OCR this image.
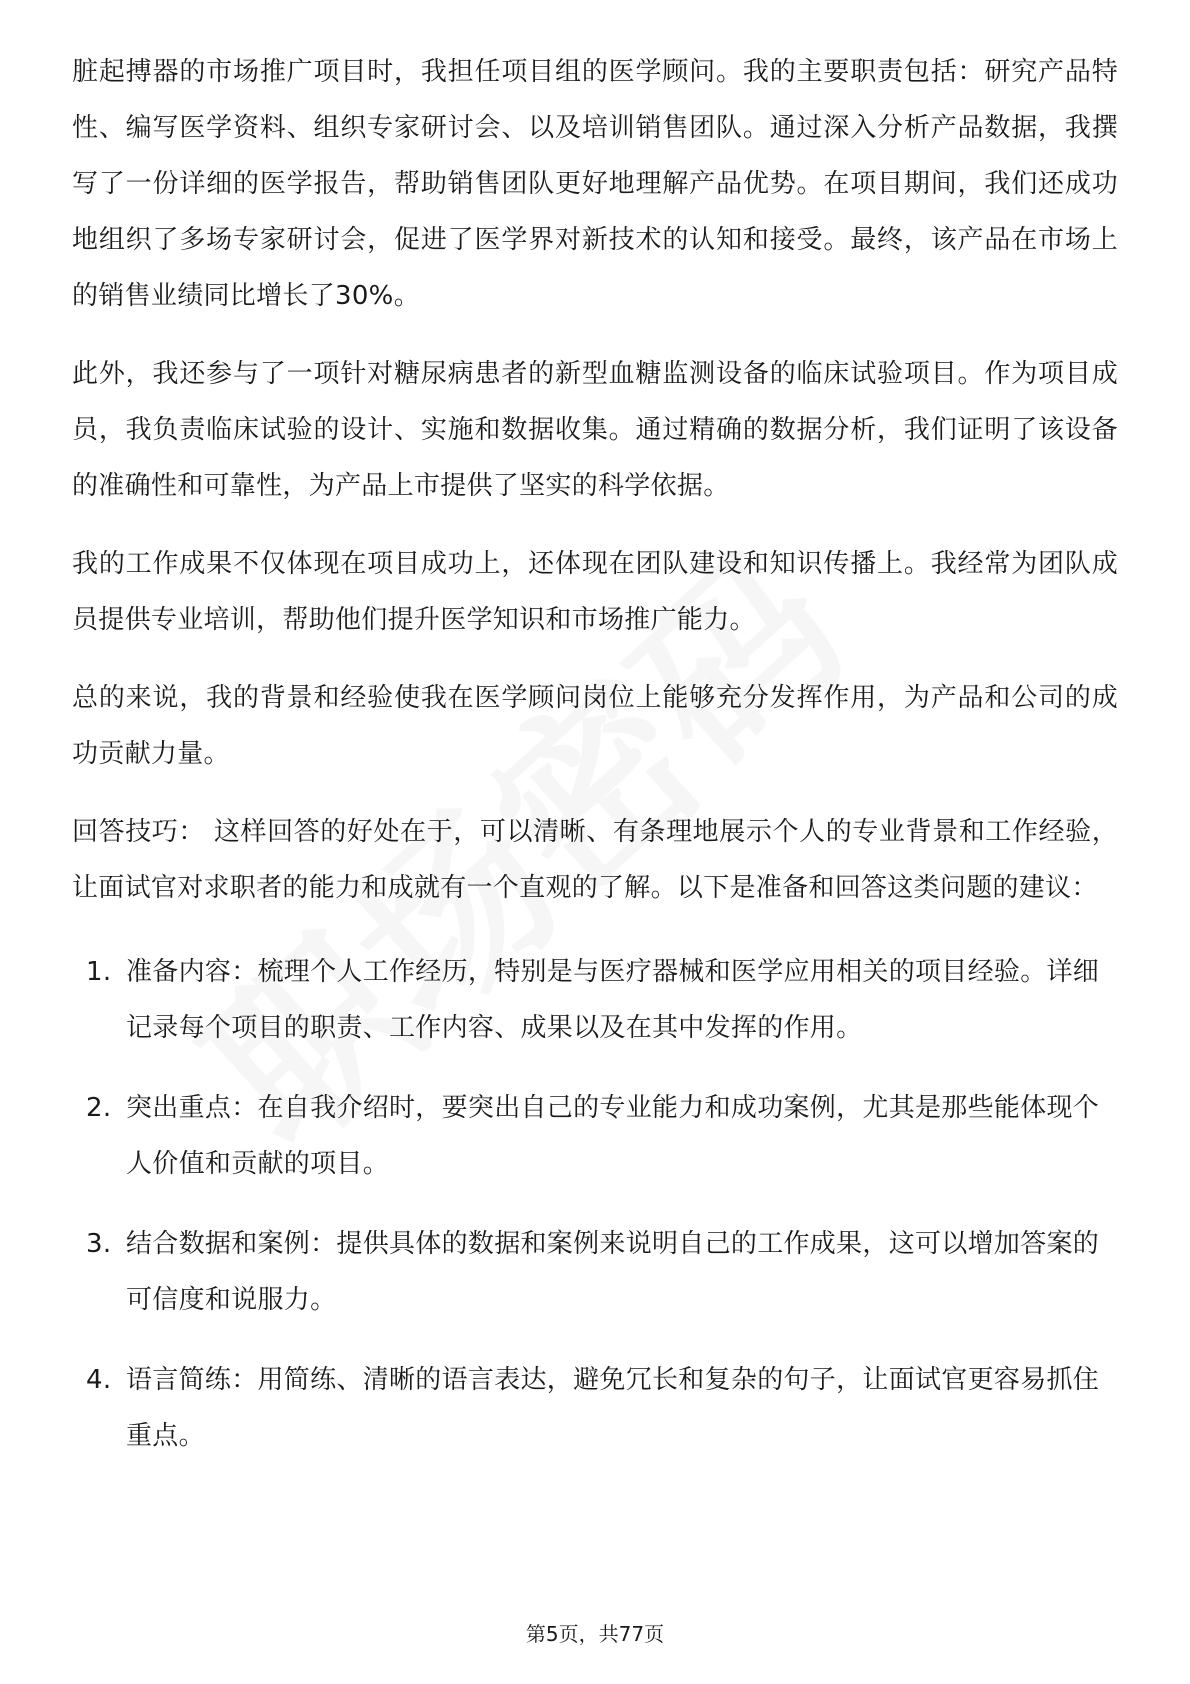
脏起搏器的市场推广项目时，我担任项目组的医学顾问。我的主要职责包括：研究产品特性、编写医学资料、组织专家研讨会、以及培训销售团队。通过深入分析产品数据，我撰写了一份详细的医学报告，帮助销售团队更好地理解产品优势。在项目期间，我们还成功地组织了多场专家研讨会，促进了医学界对新技术的认知和接受。最终，该产品在市场上的销售业绩同比增长了30%。

此外，我还参与了一项针对糖尿病患者的新型血糖监测设备的临床试验项目。作为项目成员，我负责临床试验的设计、实施和数据收集。通过精确的数据分析，我们证明了该设备的准确性和可靠性，为产品上市提供了坚实的科学依据。

我的工作成果不仅体现在项目成功上，还体现在团队建设和知识传播上。我经常为团队成员提供专业培训，帮助他们提升医学知识和市场推广能力。

总的来说，我的背景和经验使我在医学顾问岗位上能够充分发挥作用，为产品和公司的成功贡献力量。

回答技巧： 这样回答的好处在于，可以清晰、有条理地展示个人的专业背景和工作经验，让面试官对求职者的能力和成就有一个直观的了解。以下是准备和回答这类问题的建议：

1. 准备内容：梳理个人工作经历，特别是与医疗器械和医学应用相关的项目经验。详细记录每个项目的职责、工作内容、成果以及在其中发挥的作用。
2. 突出重点：在自我介绍时，要突出自己的专业能力和成功案例，尤其是那些能体现个人价值和贡献的项目。
3. 结合数据和案例：提供具体的数据和案例来说明自己的工作成果，这可以增加答案的可信度和说服力。
4. 语言简练：用简练、清晰的语言表达，避免冗长和复杂的句子，让面试官更容易抓住重点。
第5页，共77页
